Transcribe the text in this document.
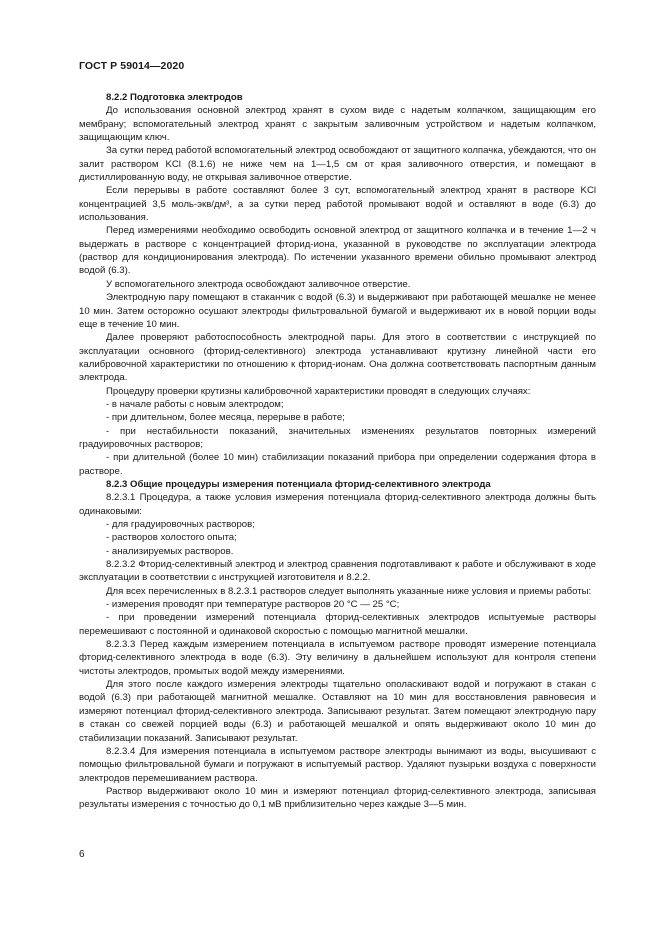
ГОСТ Р 59014—2020

8.2.2 Подготовка электродов

До использования основной электрод хранят в сухом виде с надетым колпачком, защищающим его мембрану; вспомогательный электрод хранят с закрытым заливочным устройством и надетым колпачком, защищающим ключ.

За сутки перед работой вспомогательный электрод освобождают от защитного колпачка, убеждаются, что он залит раствором KCl (8.1.6) не ниже чем на 1—1,5 см от края заливочного отверстия, и помещают в дистиллированную воду, не открывая заливочное отверстие.

Если перерывы в работе составляют более 3 сут, вспомогательный электрод хранят в растворе KCl концентрацией 3,5 моль-экв/дм³, а за сутки перед работой промывают водой и оставляют в воде (6.3) до использования.

Перед измерениями необходимо освободить основной электрод от защитного колпачка и в течение 1—2 ч выдержать в растворе с концентрацией фторид-иона, указанной в руководстве по эксплуатации электрода (раствор для кондиционирования электрода). По истечении указанного времени обильно промывают электрод водой (6.3).

У вспомогательного электрода освобождают заливочное отверстие.

Электродную пару помещают в стаканчик с водой (6.3) и выдерживают при работающей мешалке не менее 10 мин. Затем осторожно осушают электроды фильтровальной бумагой и выдерживают их в новой порции воды еще в течение 10 мин.

Далее проверяют работоспособность электродной пары. Для этого в соответствии с инструкцией по эксплуатации основного (фторид-селективного) электрода устанавливают крутизну линейной части его калибровочной характеристики по отношению к фторид-ионам. Она должна соответствовать паспортным данным электрода.

Процедуру проверки крутизны калибровочной характеристики проводят в следующих случаях:

- в начале работы с новым электродом;

- при длительном, более месяца, перерыве в работе;

- при нестабильности показаний, значительных изменениях результатов повторных измерений градуировочных растворов;

- при длительной (более 10 мин) стабилизации показаний прибора при определении содержания фтора в растворе.

8.2.3 Общие процедуры измерения потенциала фторид-селективного электрода

8.2.3.1 Процедура, а также условия измерения потенциала фторид-селективного электрода должны быть одинаковыми:

- для градуировочных растворов;

- растворов холостого опыта;

- анализируемых растворов.

8.2.3.2 Фторид-селективный электрод и электрод сравнения подготавливают к работе и обслуживают в ходе эксплуатации в соответствии с инструкцией изготовителя и 8.2.2.

Для всех перечисленных в 8.2.3.1 растворов следует выполнять указанные ниже условия и приемы работы:

- измерения проводят при температуре растворов 20 °С — 25 °С;

- при проведении измерений потенциала фторид-селективных электродов испытуемые растворы перемешивают с постоянной и одинаковой скоростью с помощью магнитной мешалки.

8.2.3.3 Перед каждым измерением потенциала в испытуемом растворе проводят измерение потенциала фторид-селективного электрода в воде (6.3). Эту величину в дальнейшем используют для контроля степени чистоты электродов, промытых водой между измерениями.

Для этого после каждого измерения электроды тщательно ополаскивают водой и погружают в стакан с водой (6.3) при работающей магнитной мешалке. Оставляют на 10 мин для восстановления равновесия и измеряют потенциал фторид-селективного электрода. Записывают результат. Затем помещают электродную пару в стакан со свежей порцией воды (6.3) и работающей мешалкой и опять выдерживают около 10 мин до стабилизации показаний. Записывают результат.

8.2.3.4 Для измерения потенциала в испытуемом растворе электроды вынимают из воды, высушивают с помощью фильтровальной бумаги и погружают в испытуемый раствор. Удаляют пузырьки воздуха с поверхности электродов перемешиванием раствора.

Раствор выдерживают около 10 мин и измеряют потенциал фторид-селективного электрода, записывая результаты измерения с точностью до 0,1 мВ приблизительно через каждые 3—5 мин.

6
